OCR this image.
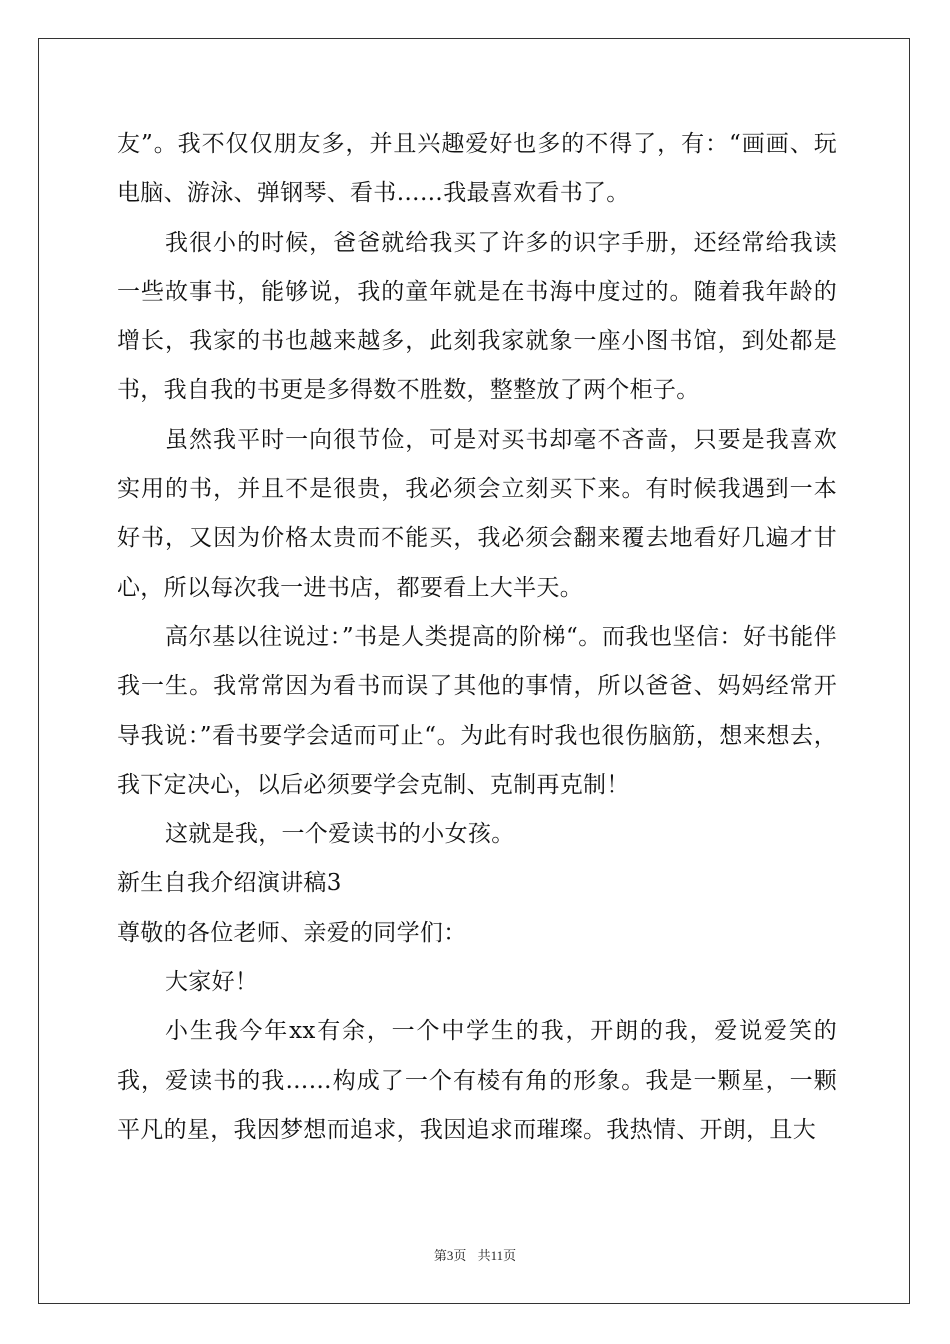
友”。我不仅仅朋友多，并且兴趣爱好也多的不得了，有：“画画、玩电脑、游泳、弹钢琴、看书……我最喜欢看书了。

我很小的时候，爸爸就给我买了许多的识字手册，还经常给我读一些故事书，能够说，我的童年就是在书海中度过的。随着我年龄的增长，我家的书也越来越多，此刻我家就象一座小图书馆，到处都是书，我自我的书更是多得数不胜数，整整放了两个柜子。

虽然我平时一向很节俭，可是对买书却毫不吝啬，只要是我喜欢实用的书，并且不是很贵，我必须会立刻买下来。有时候我遇到一本好书，又因为价格太贵而不能买，我必须会翻来覆去地看好几遍才甘心，所以每次我一进书店，都要看上大半天。

高尔基以往说过：”书是人类提高的阶梯“。而我也坚信：好书能伴我一生。我常常因为看书而误了其他的事情，所以爸爸、妈妈经常开导我说：”看书要学会适而可止“。为此有时我也很伤脑筋，想来想去，我下定决心，以后必须要学会克制、克制再克制！

这就是我，一个爱读书的小女孩。

新生自我介绍演讲稿3

尊敬的各位老师、亲爱的同学们：

大家好！

小生我今年xx有余，一个中学生的我，开朗的我，爱说爱笑的我，爱读书的我……构成了一个有棱有角的形象。我是一颗星，一颗平凡的星，我因梦想而追求，我因追求而璀璨。我热情、开朗，且大

第3页 共11页
